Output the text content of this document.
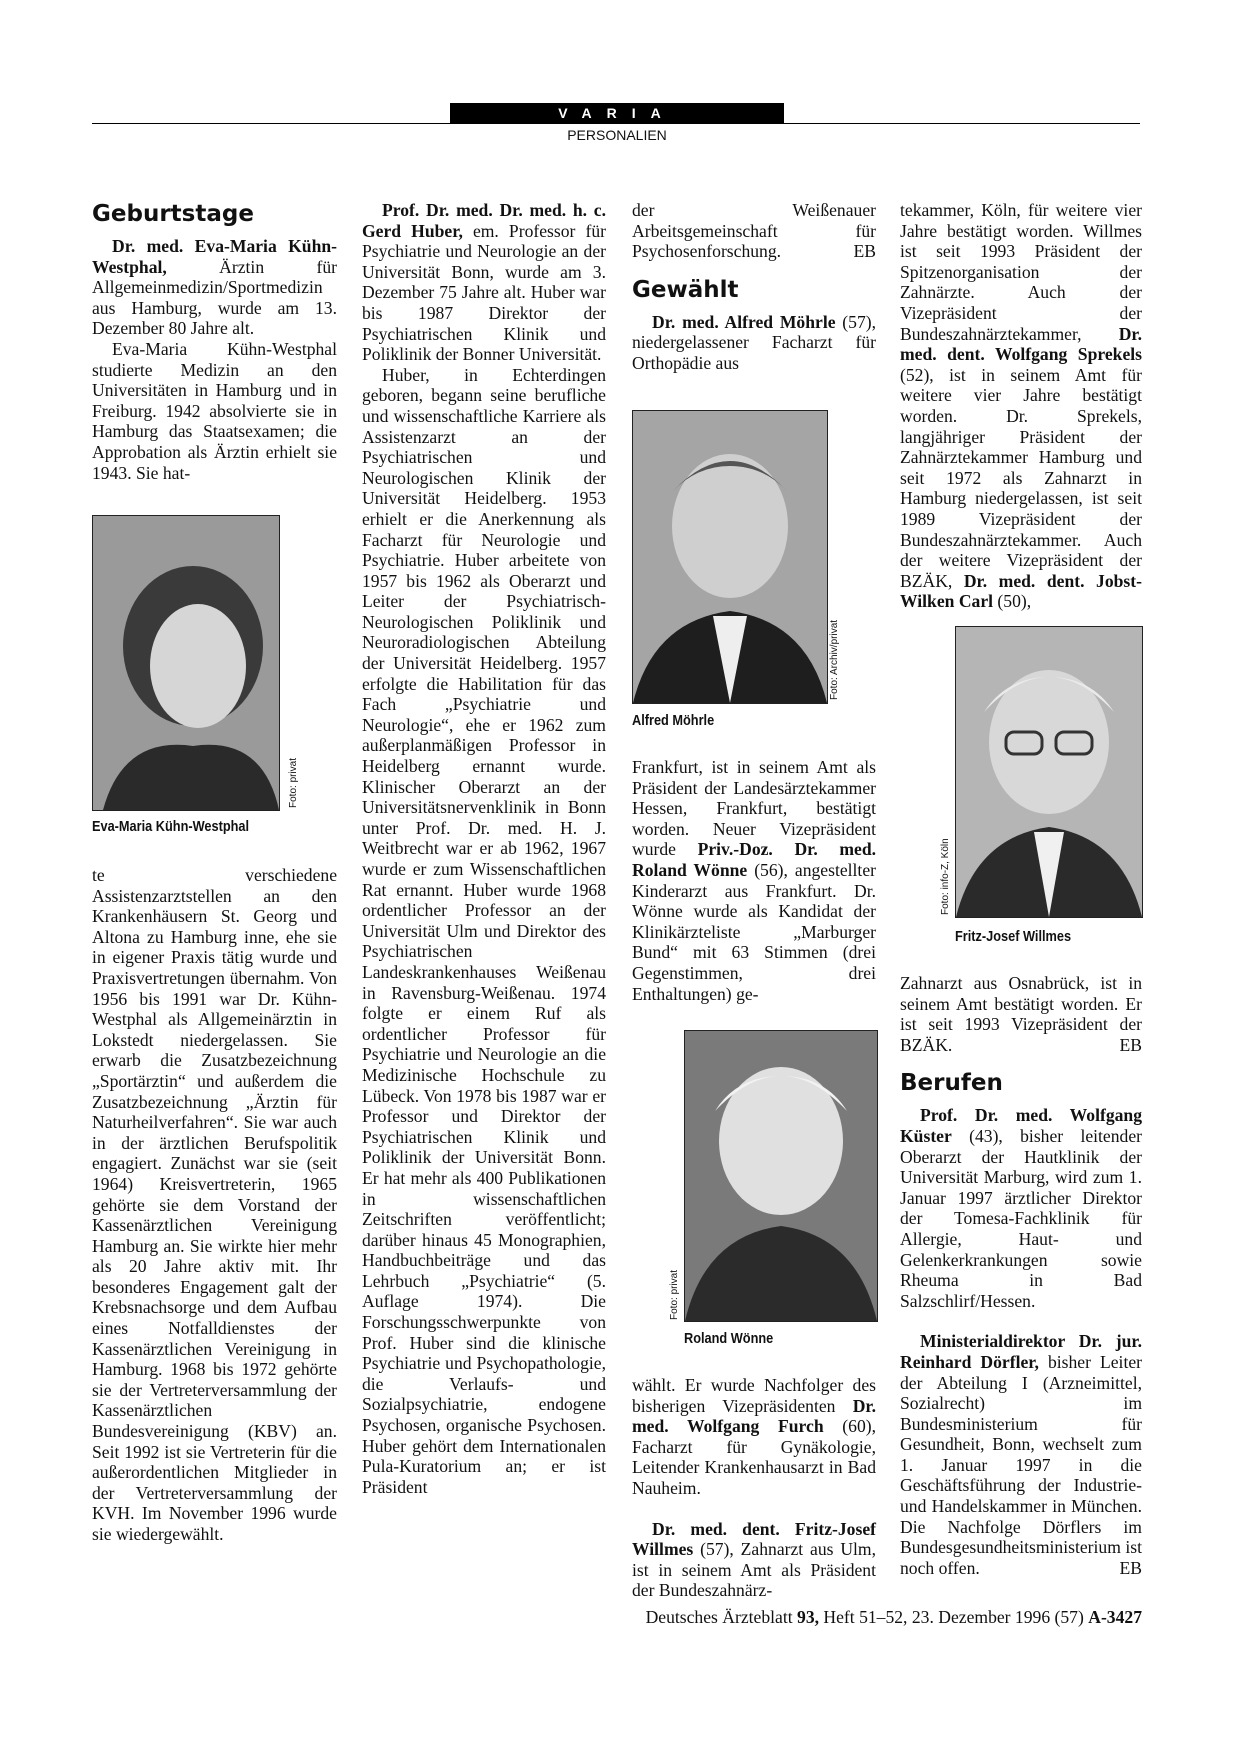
VARIA
PERSONALIEN
Geburtstage

Dr. med. Eva-Maria Kühn-Westphal, Ärztin für Allgemeinmedizin/Sportmedizin aus Hamburg, wurde am 13. Dezember 80 Jahre alt.

Eva-Maria Kühn-Westphal studierte Medizin an den Universitäten in Hamburg und in Freiburg. 1942 absolvierte sie in Hamburg das Staatsexamen; die Approbation als Ärztin erhielt sie 1943. Sie hat-

Foto: privat
Eva-Maria Kühn-Westphal

te verschiedene Assistenzarztstellen an den Krankenhäusern St. Georg und Altona zu Hamburg inne, ehe sie in eigener Praxis tätig wurde und Praxisvertretungen übernahm. Von 1956 bis 1991 war Dr. Kühn-Westphal als Allgemeinärztin in Lokstedt niedergelassen. Sie erwarb die Zusatzbezeichnung „Sportärztin“ und außerdem die Zusatzbezeichnung „Ärztin für Naturheilverfahren“. Sie war auch in der ärztlichen Berufspolitik engagiert. Zunächst war sie (seit 1964) Kreisvertreterin, 1965 gehörte sie dem Vorstand der Kassenärztlichen Vereinigung Hamburg an. Sie wirkte hier mehr als 20 Jahre aktiv mit. Ihr besonderes Engagement galt der Krebsnachsorge und dem Aufbau eines Notfalldienstes der Kassenärztlichen Vereinigung in Hamburg. 1968 bis 1972 gehörte sie der Vertreterversammlung der Kassenärztlichen Bundesvereinigung (KBV) an. Seit 1992 ist sie Vertreterin für die außerordentlichen Mitglieder in der Vertreterversammlung der KVH. Im November 1996 wurde sie wiedergewählt.

Prof. Dr. med. Dr. med. h. c. Gerd Huber, em. Professor für Psychiatrie und Neurologie an der Universität Bonn, wurde am 3. Dezember 75 Jahre alt. Huber war bis 1987 Direktor der Psychiatrischen Klinik und Poliklinik der Bonner Universität.

Huber, in Echterdingen geboren, begann seine berufliche und wissenschaftliche Karriere als Assistenzarzt an der Psychiatrischen und Neurologischen Klinik der Universität Heidelberg. 1953 erhielt er die Anerkennung als Facharzt für Neurologie und Psychiatrie. Huber arbeitete von 1957 bis 1962 als Oberarzt und Leiter der Psychiatrisch-Neurologischen Poliklinik und Neuroradiologischen Abteilung der Universität Heidelberg. 1957 erfolgte die Habilitation für das Fach „Psychiatrie und Neurologie“, ehe er 1962 zum außerplanmäßigen Professor in Heidelberg ernannt wurde. Klinischer Oberarzt an der Universitätsnervenklinik in Bonn unter Prof. Dr. med. H. J. Weitbrecht war er ab 1962, 1967 wurde er zum Wissenschaftlichen Rat ernannt. Huber wurde 1968 ordentlicher Professor an der Universität Ulm und Direktor des Psychiatrischen Landeskrankenhauses Weißenau in Ravensburg-Weißenau. 1974 folgte er einem Ruf als ordentlicher Professor für Psychiatrie und Neurologie an die Medizinische Hochschule zu Lübeck. Von 1978 bis 1987 war er Professor und Direktor der Psychiatrischen Klinik und Poliklinik der Universität Bonn. Er hat mehr als 400 Publikationen in wissenschaftlichen Zeitschriften veröffentlicht; darüber hinaus 45 Monographien, Handbuchbeiträge und das Lehrbuch „Psychiatrie“ (5. Auflage 1974). Die Forschungsschwerpunkte von Prof. Huber sind die klinische Psychiatrie und Psychopathologie, die Verlaufs- und Sozialpsychiatrie, endogene Psychosen, organische Psychosen. Huber gehört dem Internationalen Pula-Kuratorium an; er ist Präsident

der Weißenauer Arbeitsgemeinschaft für Psychosenforschung.	EB

Gewählt

Dr. med. Alfred Möhrle (57), niedergelassener Facharzt für Orthopädie aus

Foto: Archiv/privat
Alfred Möhrle

Frankfurt, ist in seinem Amt als Präsident der Landesärztekammer Hessen, Frankfurt, bestätigt worden. Neuer Vizepräsident wurde Priv.-Doz. Dr. med. Roland Wönne (56), angestellter Kinderarzt aus Frankfurt. Dr. Wönne wurde als Kandidat der Klinikärzteliste „Marburger Bund“ mit 63 Stimmen (drei Gegenstimmen, drei Enthaltungen) ge-

Foto: privat
Roland Wönne

wählt. Er wurde Nachfolger des bisherigen Vizepräsidenten Dr. med. Wolfgang Furch (60), Facharzt für Gynäkologie, Leitender Krankenhausarzt in Bad Nauheim.

Dr. med. dent. Fritz-Josef Willmes (57), Zahnarzt aus Ulm, ist in seinem Amt als Präsident der Bundeszahnärz-

tekammer, Köln, für weitere vier Jahre bestätigt worden. Willmes ist seit 1993 Präsident der Spitzenorganisation der Zahnärzte. Auch der Vizepräsident der Bundeszahnärztekammer, Dr. med. dent. Wolfgang Sprekels (52), ist in seinem Amt für weitere vier Jahre bestätigt worden. Dr. Sprekels, langjähriger Präsident der Zahnärztekammer Hamburg und seit 1972 als Zahnarzt in Hamburg niedergelassen, ist seit 1989 Vizepräsident der Bundeszahnärztekammer. Auch der weitere Vizepräsident der BZÄK, Dr. med. dent. Jobst-Wilken Carl (50),

Foto: info-Z, Köln
Fritz-Josef Willmes

Zahnarzt aus Osnabrück, ist in seinem Amt bestätigt worden. Er ist seit 1993 Vizepräsident der BZÄK.	EB

Berufen

Prof. Dr. med. Wolfgang Küster (43), bisher leitender Oberarzt der Hautklinik der Universität Marburg, wird zum 1. Januar 1997 ärztlicher Direktor der Tomesa-Fachklinik für Allergie, Haut- und Gelenkerkrankungen sowie Rheuma in Bad Salzschlirf/Hessen.

Ministerialdirektor Dr. jur. Reinhard Dörfler, bisher Leiter der Abteilung I (Arzneimittel, Sozialrecht) im Bundesministerium für Gesundheit, Bonn, wechselt zum 1. Januar 1997 in die Geschäftsführung der Industrie- und Handelskammer in München. Die Nachfolge Dörflers im Bundesgesundheitsministerium ist noch offen.	EB

Deutsches Ärzteblatt 93, Heft 51–52, 23. Dezember 1996 (57) A-3427
